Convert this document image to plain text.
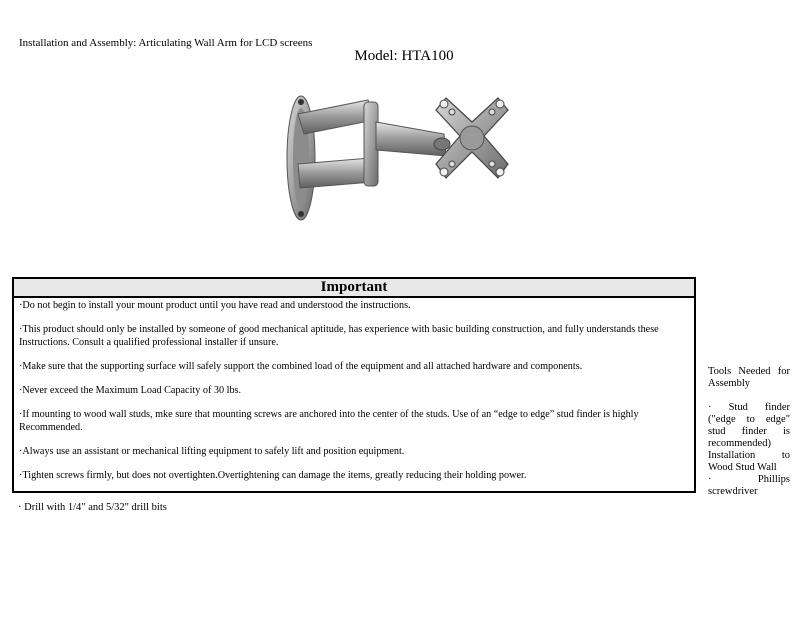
Installation and Assembly: Articulating Wall Arm for LCD screens
Model: HTA100
Important

·Do not begin to install your mount product until you have read and understood the instructions.

·This product should only be installed by someone of good mechanical aptitude, has experience with basic building construction, and fully understands these Instructions. Consult a qualified professional installer if unsure.

·Make sure that the supporting surface will safely support the combined load of the equipment and all attached hardware and components.

·Never exceed the Maximum Load Capacity of 30 lbs.

·If mounting to wood wall studs, mke sure that mounting screws are anchored into the center of the studs. Use of an “edge to edge” stud finder is highly Recommended.

·Always use an assistant or mechanical lifting equipment to safely lift and position equipment.

·Tighten screws firmly, but does not overtighten.Overtightening can damage the items, greatly reducing their holding power.

· Drill with 1/4" and 5/32" drill bits

Tools Needed for Assembly

· Stud finder ("edge to edge" stud finder is recommended) Installation to Wood Stud Wall

· Phillips screwdriver
